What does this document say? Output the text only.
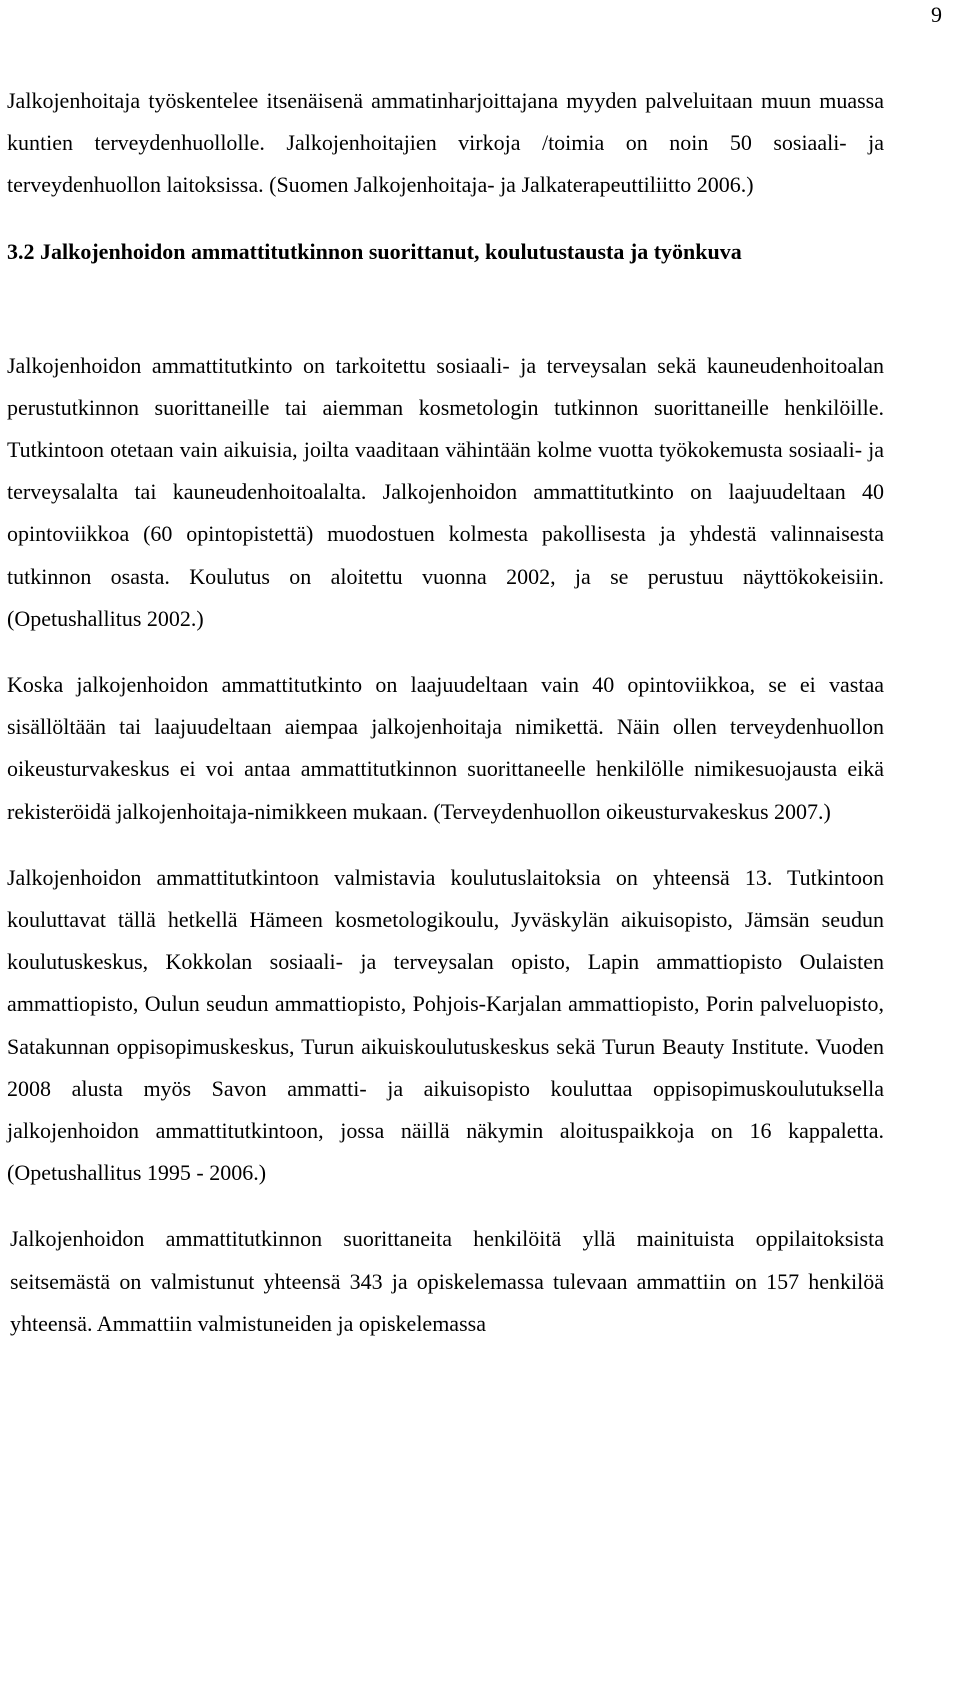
9

Jalkojenhoitaja työskentelee itsenäisenä ammatinharjoittajana myyden palveluitaan muun muassa kuntien terveydenhuollolle. Jalkojenhoitajien virkoja /toimia on noin 50 sosiaali- ja terveydenhuollon laitoksissa. (Suomen Jalkojenhoitaja- ja Jalkaterapeuttiliitto 2006.)

3.2 Jalkojenhoidon ammattitutkinnon suorittanut, koulutustausta ja työnkuva

Jalkojenhoidon ammattitutkinto on tarkoitettu sosiaali- ja terveysalan sekä kauneudenhoitoalan perustutkinnon suorittaneille tai aiemman kosmetologin tutkinnon suorittaneille henkilöille. Tutkintoon otetaan vain aikuisia, joilta vaaditaan vähintään kolme vuotta työkokemusta sosiaali- ja terveysalalta tai kauneudenhoitoalalta. Jalkojenhoidon ammattitutkinto on laajuudeltaan 40 opintoviikkoa (60 opintopistettä) muodostuen kolmesta pakollisesta ja yhdestä valinnaisesta tutkinnon osasta. Koulutus on aloitettu vuonna 2002, ja se perustuu näyttökokeisiin. (Opetushallitus 2002.)

Koska jalkojenhoidon ammattitutkinto on laajuudeltaan vain 40 opintoviikkoa, se ei vastaa sisällöltään tai laajuudeltaan aiempaa jalkojenhoitaja nimikettä. Näin ollen terveydenhuollon oikeusturvakeskus ei voi antaa ammattitutkinnon suorittaneelle henkilölle nimikesuojausta eikä rekisteröidä jalkojenhoitaja-nimikkeen mukaan. (Terveydenhuollon oikeusturvakeskus 2007.)

Jalkojenhoidon ammattitutkintoon valmistavia koulutuslaitoksia on yhteensä 13. Tutkintoon kouluttavat tällä hetkellä Hämeen kosmetologikoulu, Jyväskylän aikuisopisto, Jämsän seudun koulutuskeskus, Kokkolan sosiaali- ja terveysalan opisto, Lapin ammattiopisto Oulaisten ammattiopisto, Oulun seudun ammattiopisto, Pohjois-Karjalan ammattiopisto, Porin palveluopisto, Satakunnan oppisopimuskeskus, Turun aikuiskoulutuskeskus sekä Turun Beauty Institute. Vuoden 2008 alusta myös Savon ammatti- ja aikuisopisto kouluttaa oppisopimuskoulutuksella jalkojenhoidon ammattitutkintoon, jossa näillä näkymin aloituspaikkoja on 16 kappaletta. (Opetushallitus 1995 - 2006.)

Jalkojenhoidon ammattitutkinnon suorittaneita henkilöitä yllä mainituista oppilaitoksista seitsemästä on valmistunut yhteensä 343 ja opiskelemassa tulevaan ammattiin on 157 henkilöä yhteensä. Ammattiin valmistuneiden ja opiskelemassa
